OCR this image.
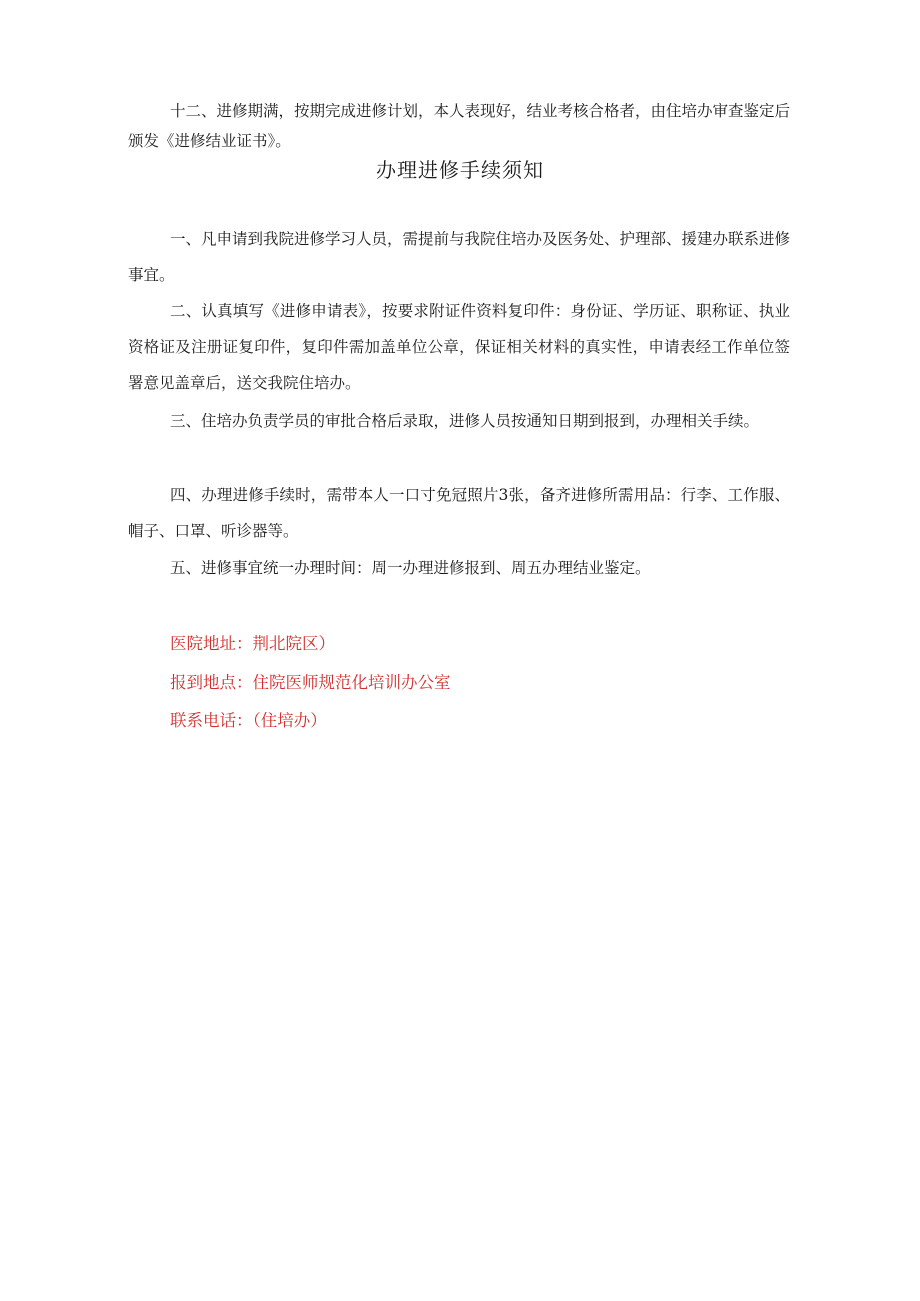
十二、进修期满，按期完成进修计划，本人表现好，结业考核合格者，由住培办审查鉴定后颁发《进修结业证书》。

办理进修手续须知

一、凡申请到我院进修学习人员，需提前与我院住培办及医务处、护理部、援建办联系进修事宜。

二、认真填写《进修申请表》，按要求附证件资料复印件：身份证、学历证、职称证、执业资格证及注册证复印件，复印件需加盖单位公章，保证相关材料的真实性，申请表经工作单位签署意见盖章后，送交我院住培办。

三、住培办负责学员的审批合格后录取，进修人员按通知日期到报到，办理相关手续。

四、办理进修手续时，需带本人一口寸免冠照片3张，备齐进修所需用品：行李、工作服、帽子、口罩、听诊器等。

五、进修事宜统一办理时间：周一办理进修报到、周五办理结业鉴定。

医院地址：荆北院区）

报到地点：住院医师规范化培训办公室

联系电话：（住培办）
